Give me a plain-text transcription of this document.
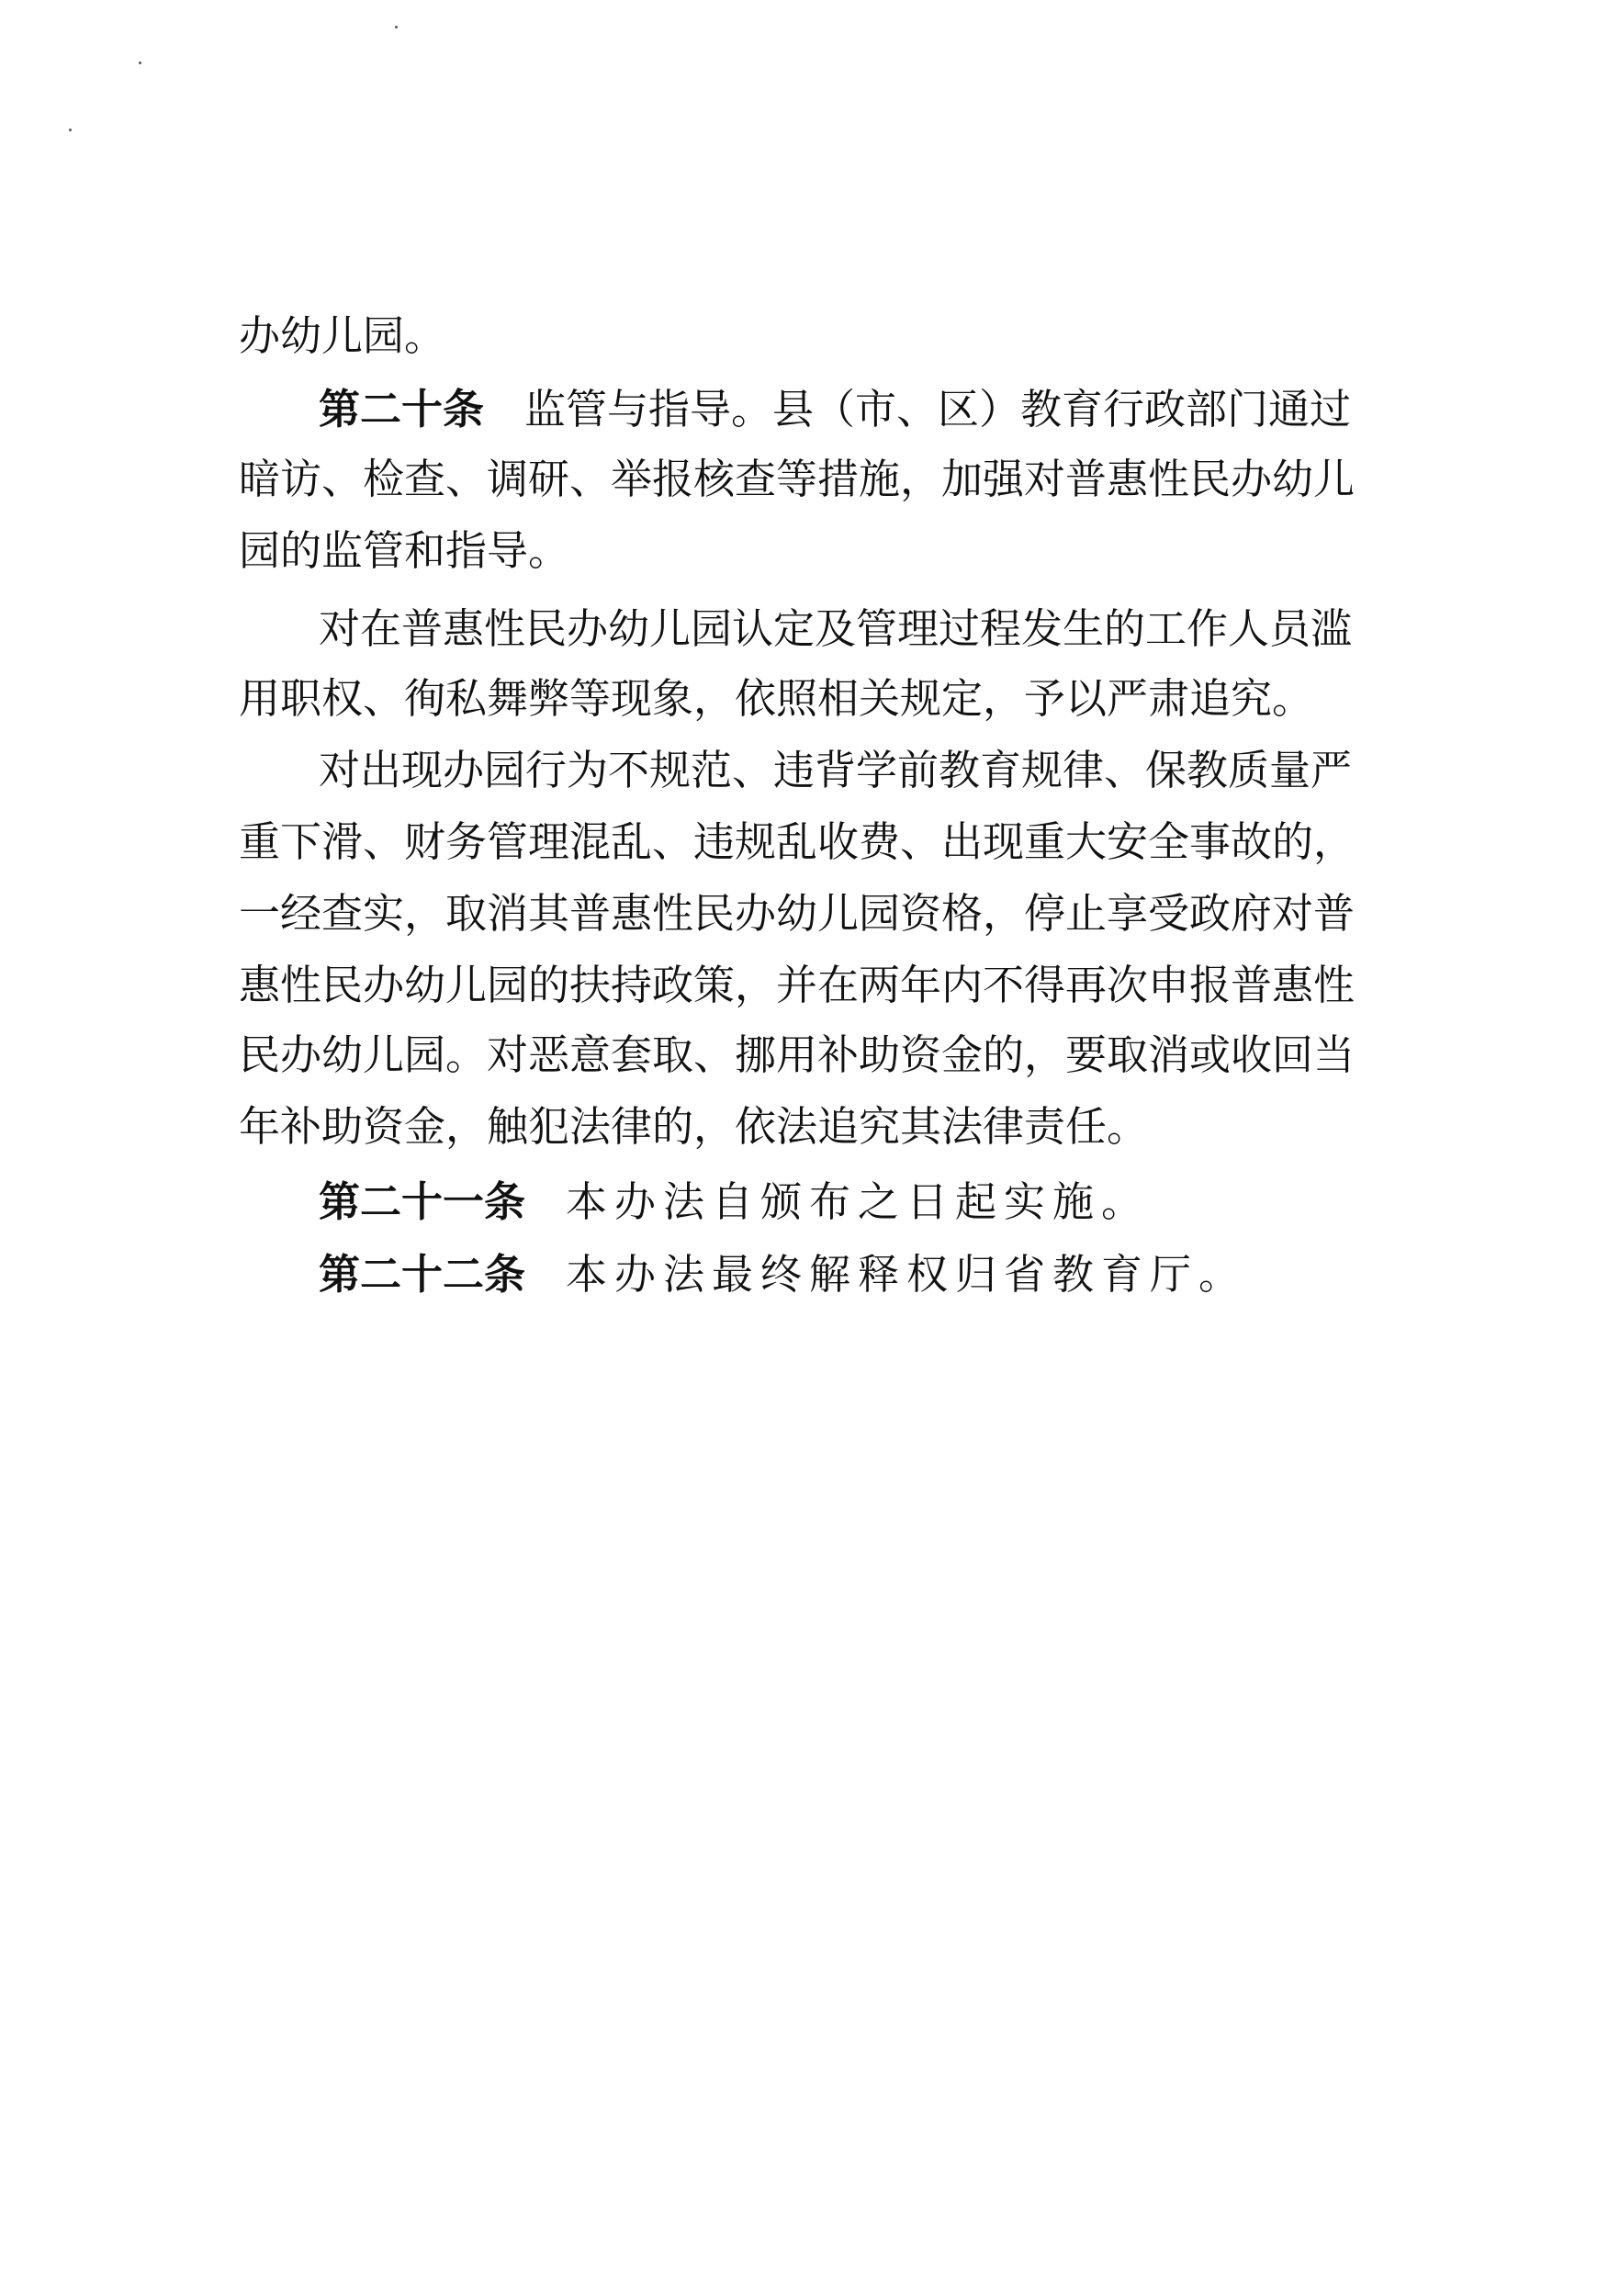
办幼儿园。
第二十条 监管与指导。县（市、区）教育行政部门通过
暗访、检查、调研、举报核查等措施，加强对普惠性民办幼儿
园的监管和指导。
对在普惠性民办幼儿园认定及管理过程发生的工作人员滥
用职权、徇私舞弊等现象，依照相关规定，予以严肃追究。
对出现办园行为不规范、违背学前教育规律、保教质量严
重下滑、财务管理混乱、违规乱收费、出现重大安全事故的，
一经查实，取消其普惠性民办幼儿园资格，停止享受政府对普
惠性民办幼儿园的扶持政策，并在两年内不得再次申报普惠性
民办幼儿园。对恶意套取、挪用补助资金的，要取消或收回当
年补助资金，触犯法律的，依法追究其法律责任。
第二十一条 本办法自颁布之日起实施。
第二十二条 本办法最终解释权归省教育厅。
